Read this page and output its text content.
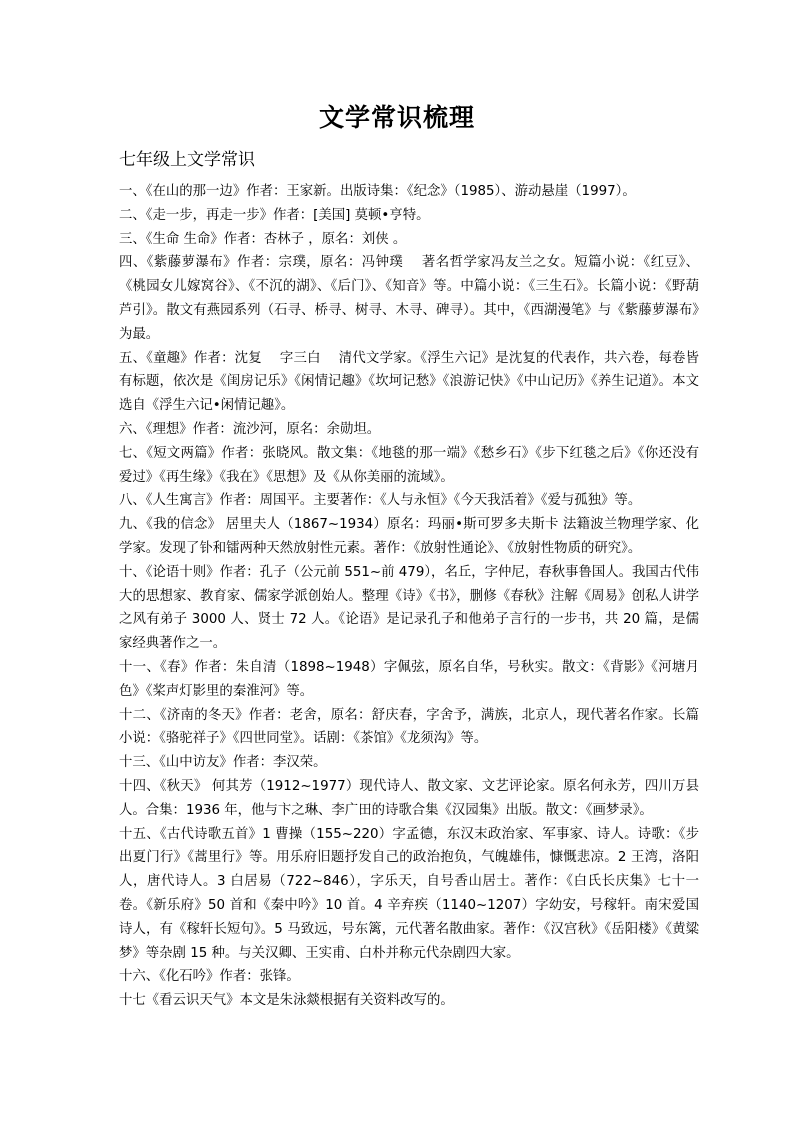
文学常识梳理
七年级上文学常识

一、《在山的那一边》作者：王家新。出版诗集：《纪念》（1985）、游动悬崖（1997）。

二、《走一步，再走一步》作者：[美国] 莫顿•亨特。

三、《生命 生命》作者：杏林子 ，原名：刘侠 。

四、《紫藤萝瀑布》作者：宗璞，原名：冯钟璞　 著名哲学家冯友兰之女。短篇小说：《红豆》、《桃园女儿嫁窝谷》、《不沉的湖》、《后门》、《知音》等。中篇小说：《三生石》。长篇小说：《野葫芦引》。散文有燕园系列（石寻、桥寻、树寻、木寻、碑寻）。其中，《西湖漫笔》与《紫藤萝瀑布》为最。

五、《童趣》作者：沈复　 字三白　 清代文学家。《浮生六记》是沈复的代表作，共六卷，每卷皆有标题，依次是《闺房记乐》《闲情记趣》《坎坷记愁》《浪游记快》《中山记历》《养生记道》。本文选自《浮生六记•闲情记趣》。

六、《理想》作者：流沙河，原名：余勋坦。

七、《短文两篇》作者：张晓风。散文集：《地毯的那一端》《愁乡石》《步下红毯之后》《你还没有爱过》《再生缘》《我在》《思想》及《从你美丽的流域》。

八、《人生寓言》作者：周国平。主要著作：《人与永恒》《今天我活着》《爱与孤独》等。

九、《我的信念》 居里夫人（1867~1934）原名：玛丽•斯可罗多夫斯卡 法籍波兰物理学家、化学家。发现了钋和镭两种天然放射性元素。著作：《放射性通论》、《放射性物质的研究》。

十、《论语十则》作者：孔子（公元前 551~前 479），名丘，字仲尼，春秋事鲁国人。我国古代伟大的思想家、教育家、儒家学派创始人。整理《诗》《书》，删修《春秋》注解《周易》创私人讲学之风有弟子 3000 人、贤士 72 人。《论语》是记录孔子和他弟子言行的一步书，共 20 篇，是儒家经典著作之一。

十一、《春》作者：朱自清（1898~1948）字佩弦，原名自华，号秋实。散文：《背影》《河塘月色》《桨声灯影里的秦淮河》等。

十二、《济南的冬天》作者：老舍，原名：舒庆春，字舍予，满族，北京人，现代著名作家。长篇小说：《骆驼祥子》《四世同堂》。话剧：《茶馆》《龙须沟》等。

十三、《山中访友》作者：李汉荣。

十四、《秋天》 何其芳（1912~1977）现代诗人、散文家、文艺评论家。原名何永芳，四川万县人。合集：1936 年，他与卞之琳、李广田的诗歌合集《汉园集》出版。散文：《画梦录》。

十五、《古代诗歌五首》1 曹操（155~220）字孟德，东汉末政治家、军事家、诗人。诗歌：《步出夏门行》《蒿里行》等。用乐府旧题抒发自己的政治抱负，气魄雄伟，慷慨悲凉。2 王湾，洛阳人，唐代诗人。3 白居易（722~846），字乐天，自号香山居士。著作：《白氏长庆集》七十一卷。《新乐府》50 首和《秦中吟》10 首。4 辛弃疾（1140~1207）字幼安，号稼轩。南宋爱国诗人，有《稼轩长短句》。5 马致远，号东篱，元代著名散曲家。著作：《汉宫秋》《岳阳楼》《黄粱梦》等杂剧 15 种。与关汉卿、王实甫、白朴并称元代杂剧四大家。

十六、《化石吟》作者：张锋。

十七《看云识天气》本文是朱泳燚根据有关资料改写的。
